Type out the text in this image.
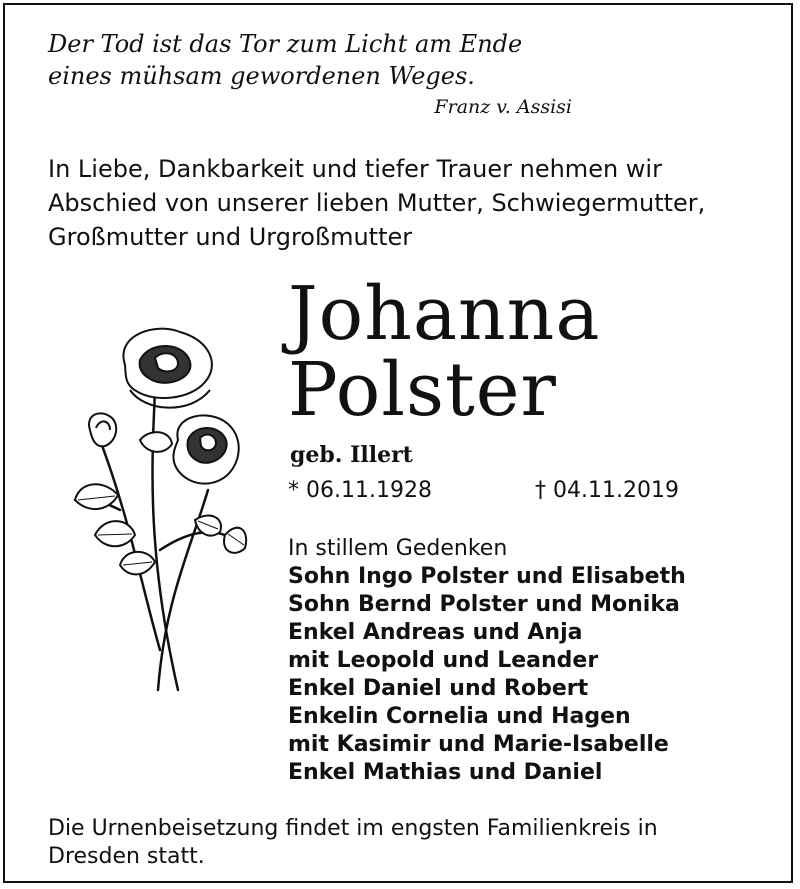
Der Tod ist das Tor zum Licht am Ende
eines mühsam gewordenen Weges.
Franz v. Assisi
In Liebe, Dankbarkeit und tiefer Trauer nehmen wir
Abschied von unserer lieben Mutter, Schwiegermutter,
Großmutter und Urgroßmutter
Johanna
Polster
geb. Illert
* 06.11.1928	† 04.11.2019
In stillem Gedenken
Sohn Ingo Polster und Elisabeth
Sohn Bernd Polster und Monika
Enkel Andreas und Anja
mit Leopold und Leander
Enkel Daniel und Robert
Enkelin Cornelia und Hagen
mit Kasimir und Marie-Isabelle
Enkel Mathias und Daniel
Die Urnenbeisetzung findet im engsten Familienkreis in
Dresden statt.
